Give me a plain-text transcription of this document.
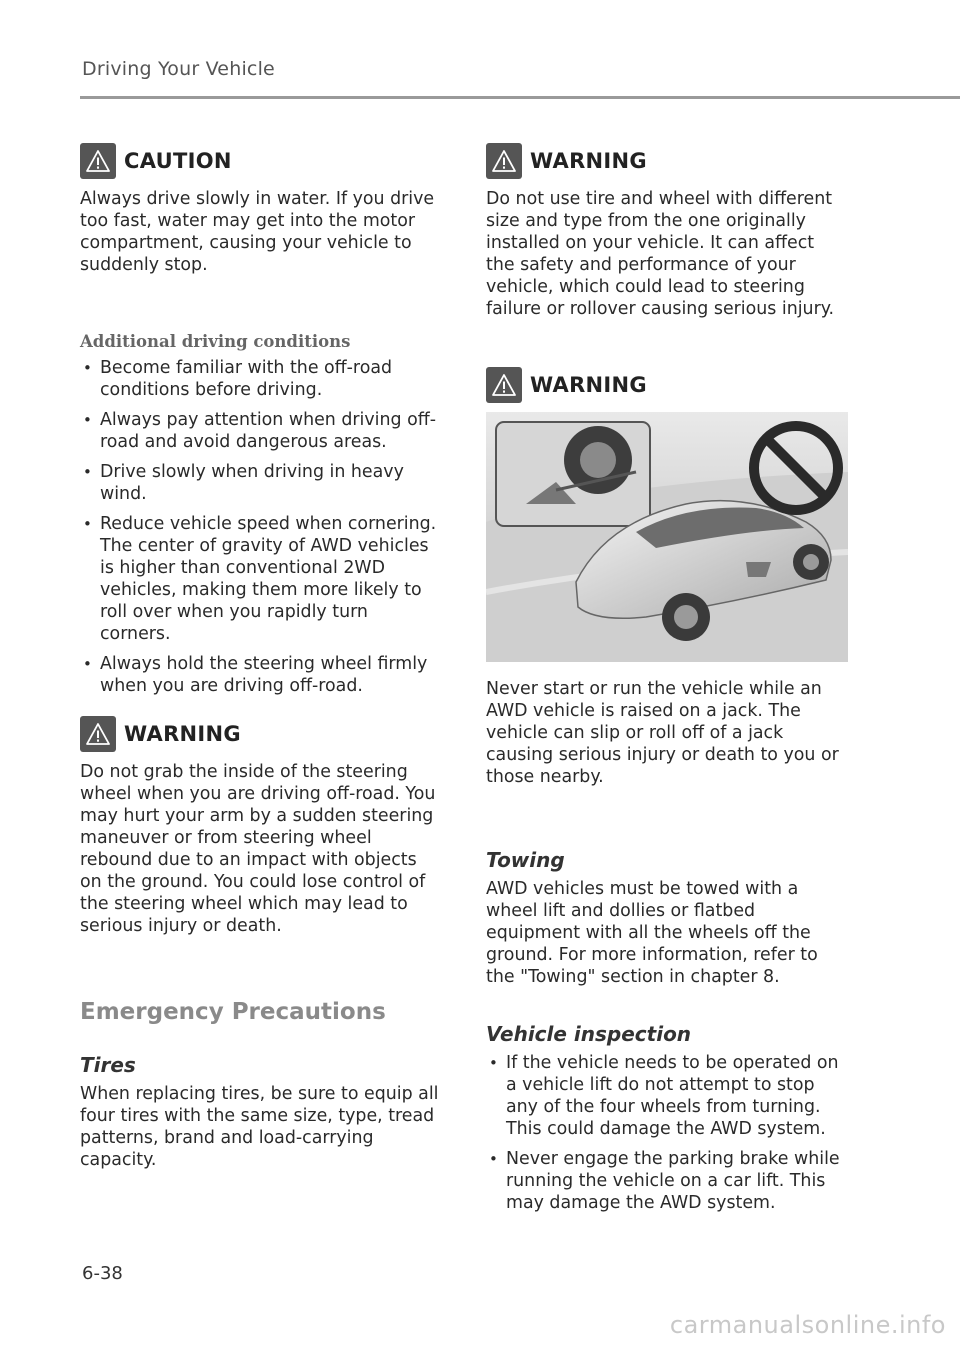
Driving Your Vehicle
CAUTION

Always drive slowly in water. If you drive too fast, water may get into the motor compartment, causing your vehicle to suddenly stop.

Additional driving conditions

• Become familiar with the off-road conditions before driving.
• Always pay attention when driving off-road and avoid dangerous areas.
• Drive slowly when driving in heavy wind.
• Reduce vehicle speed when cornering. The center of gravity of AWD vehicles is higher than conventional 2WD vehicles, making them more likely to roll over when you rapidly turn corners.
• Always hold the steering wheel firmly when you are driving off-road.
WARNING

Do not grab the inside of the steering wheel when you are driving off-road. You may hurt your arm by a sudden steering maneuver or from steering wheel rebound due to an impact with objects on the ground. You could lose control of the steering wheel which may lead to serious injury or death.

Emergency Precautions
Tires

When replacing tires, be sure to equip all four tires with the same size, type, tread patterns, brand and load-carrying capacity.

WARNING

Do not use tire and wheel with different size and type from the one originally installed on your vehicle. It can affect the safety and performance of your vehicle, which could lead to steering failure or rollover causing serious injury.

WARNING

Never start or run the vehicle while an AWD vehicle is raised on a jack. The vehicle can slip or roll off of a jack causing serious injury or death to you or those nearby.

Towing

AWD vehicles must be towed with a wheel lift and dollies or flatbed equipment with all the wheels off the ground. For more information, refer to the "Towing" section in chapter 8.

Vehicle inspection
• If the vehicle needs to be operated on a vehicle lift do not attempt to stop any of the four wheels from turning. This could damage the AWD system.
• Never engage the parking brake while running the vehicle on a car lift. This may damage the AWD system.
6-38
carmanualsonline.info
